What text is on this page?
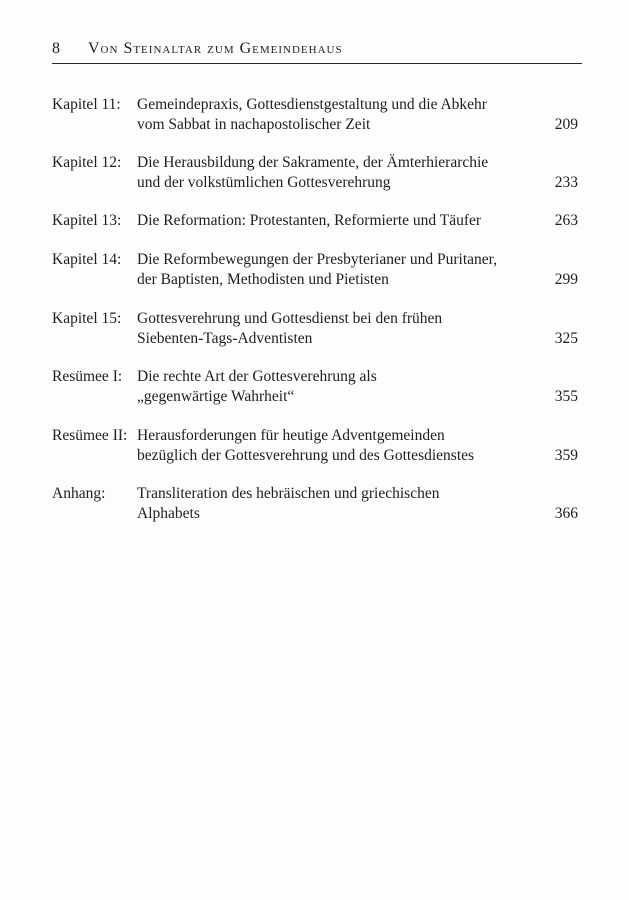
8 Von Steinaltar zum Gemeindehaus
Kapitel 11: Gemeindepraxis, Gottesdienstgestaltung und die Abkehr
vom Sabbat in nachapostolischer Zeit	209
Kapitel 12: Die Herausbildung der Sakramente, der Ämterhierarchie
und der volkstümlichen Gottesverehrung	233
Kapitel 13: Die Reformation: Protestanten, Reformierte und Täufer	263
Kapitel 14: Die Reformbewegungen der Presbyterianer und Puritaner,
der Baptisten, Methodisten und Pietisten	299
Kapitel 15: Gottesverehrung und Gottesdienst bei den frühen
Siebenten-Tags-Adventisten	325
Resümee I: Die rechte Art der Gottesverehrung als
„gegenwärtige Wahrheit“	355
Resümee II: Herausforderungen für heutige Adventgemeinden
bezüglich der Gottesverehrung und des Gottesdienstes	359
Anhang: Transliteration des hebräischen und griechischen
Alphabets	366
